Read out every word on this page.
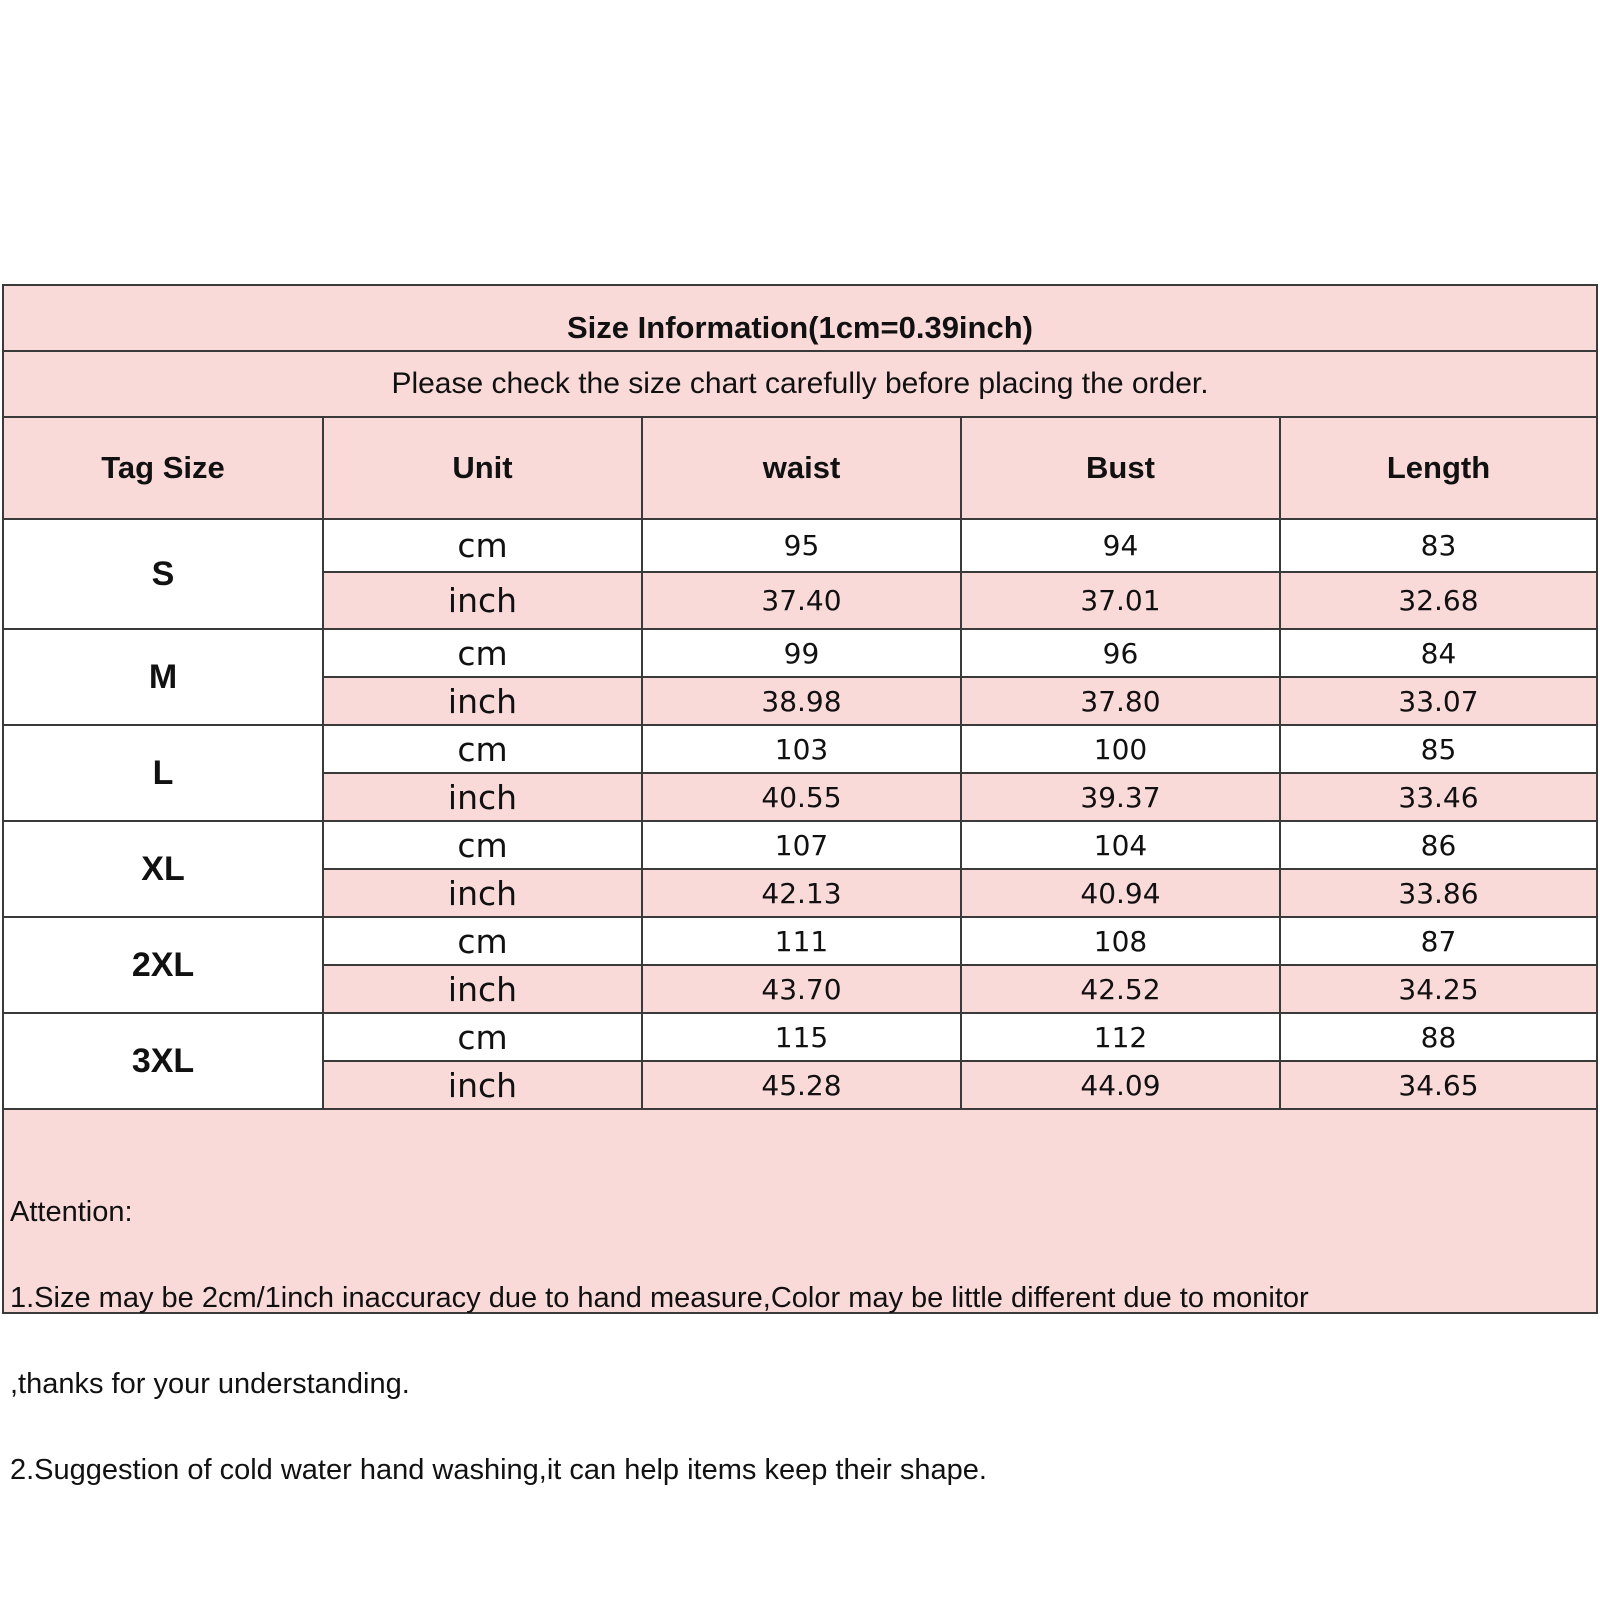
Size Information(1cm=0.39inch)
Please check the size chart carefully before placing the order.
Tag Size	Unit	waist	Bust	Length
S	cm	95	94	83
	inch	37.40	37.01	32.68
M	cm	99	96	84
	inch	38.98	37.80	33.07
L	cm	103	100	85
	inch	40.55	39.37	33.46
XL	cm	107	104	86
	inch	42.13	40.94	33.86
2XL	cm	111	108	87
	inch	43.70	42.52	34.25
3XL	cm	115	112	88
	inch	45.28	44.09	34.65

Attention:

1.Size may be 2cm/1inch inaccuracy due to hand measure,Color may be little different due to monitor

,thanks for your understanding.

2.Suggestion of cold water hand washing,it can help items keep their shape.
